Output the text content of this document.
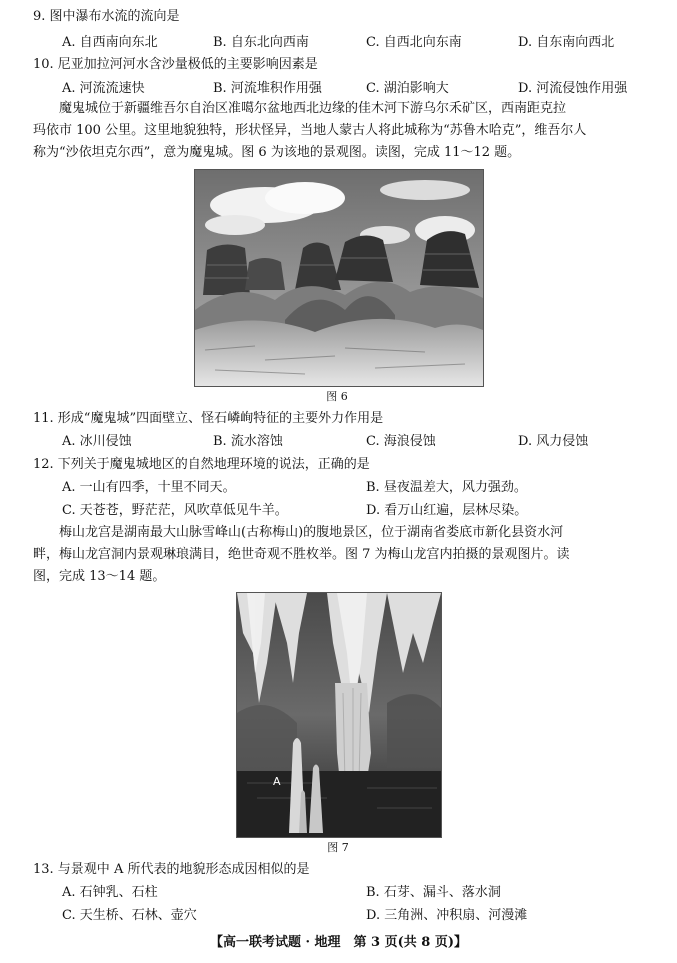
9. 图中瀑布水流的流向是
A. 自西南向东北	B. 自东北向西南	C. 自西北向东南	D. 自东南向西北
10. 尼亚加拉河河水含沙量极低的主要影响因素是
A. 河流流速快	B. 河流堆积作用强	C. 湖泊影响大	D. 河流侵蚀作用强
魔鬼城位于新疆维吾尔自治区准噶尔盆地西北边缘的佳木河下游乌尔禾矿区，西南距克拉
玛依市 100 公里。这里地貌独特，形状怪异，当地人蒙古人将此城称为“苏鲁木哈克”，维吾尔人
称为“沙依坦克尔西”，意为魔鬼城。图 6 为该地的景观图。读图，完成 11～12 题。
图 6
11. 形成“魔鬼城”四面壁立、怪石嶙峋特征的主要外力作用是
A. 冰川侵蚀	B. 流水溶蚀	C. 海浪侵蚀	D. 风力侵蚀
12. 下列关于魔鬼城地区的自然地理环境的说法，正确的是
A. 一山有四季，十里不同天。	B. 昼夜温差大，风力强劲。
C. 天苍苍，野茫茫，风吹草低见牛羊。	D. 看万山红遍，层林尽染。
梅山龙宫是湖南最大山脉雪峰山(古称梅山)的腹地景区，位于湖南省娄底市新化县资水河
畔，梅山龙宫洞内景观琳琅满目，绝世奇观不胜枚举。图 7 为梅山龙宫内拍摄的景观图片。读
图，完成 13～14 题。
A
图 7
13. 与景观中 A 所代表的地貌形态成因相似的是
A. 石钟乳、石柱	B. 石芽、漏斗、落水洞
C. 天生桥、石林、壶穴	D. 三角洲、冲积扇、河漫滩
【高一联考试题 · 地理　第 3 页(共 8 页)】
